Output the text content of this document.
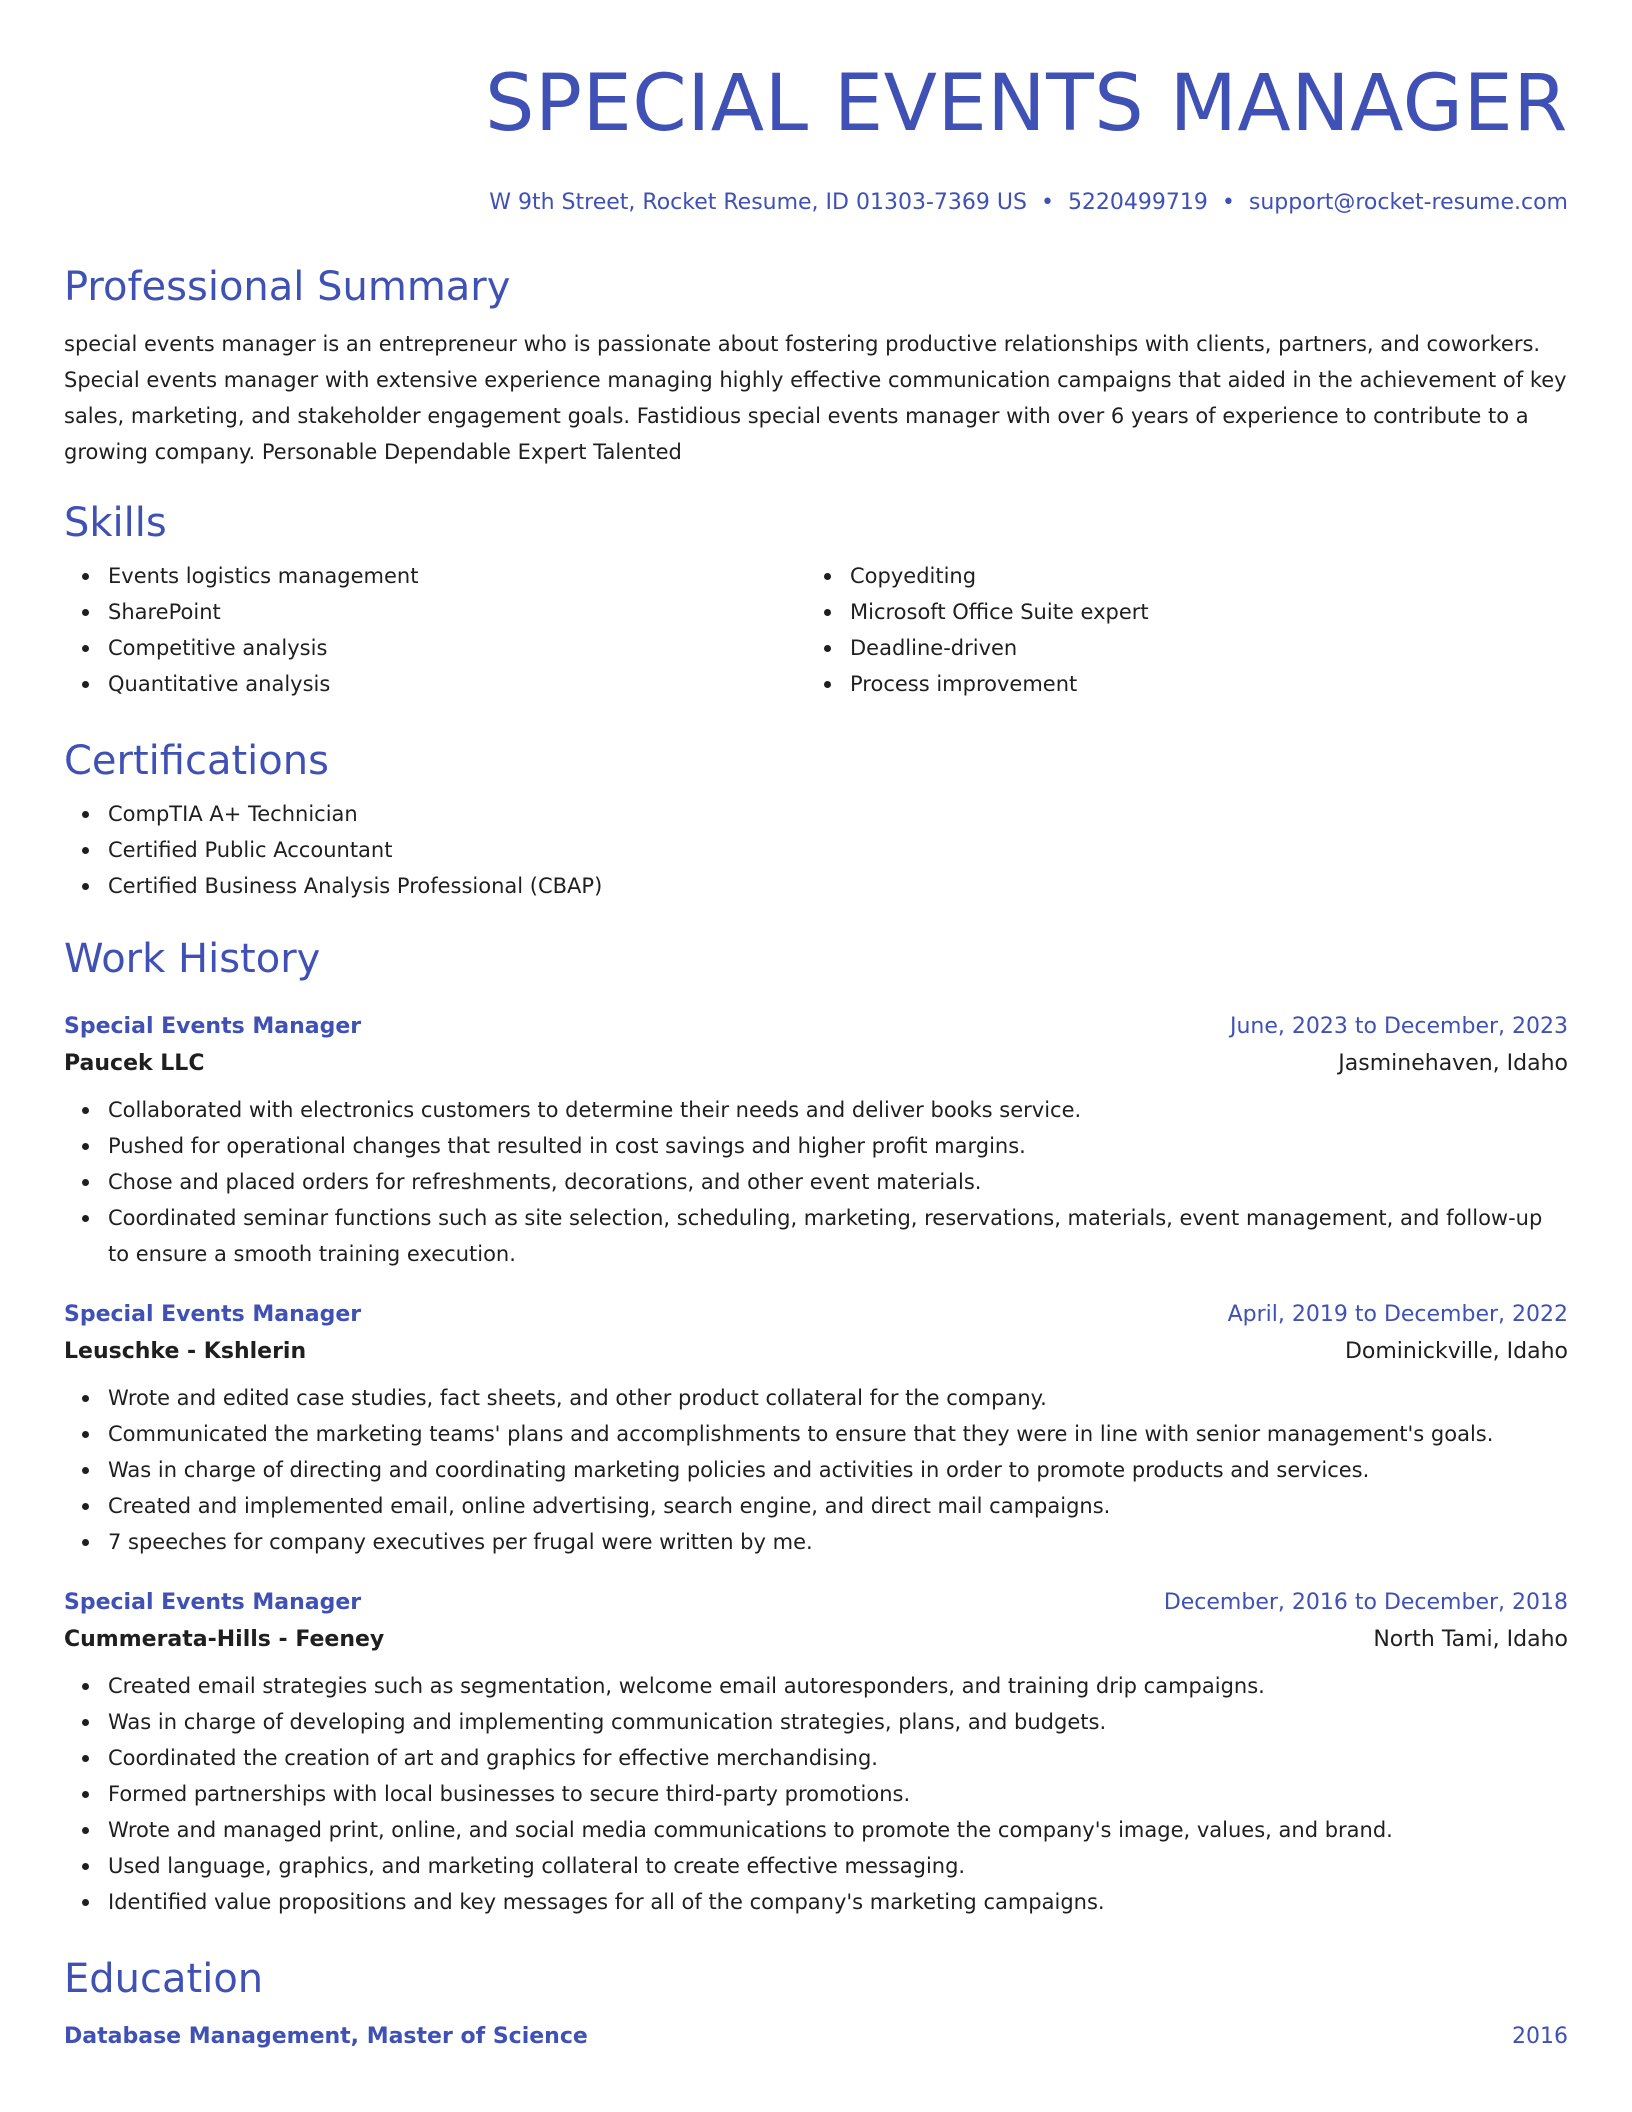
SPECIAL EVENTS MANAGER
W 9th Street, Rocket Resume, ID 01303-7369 US • 5220499719 • support@rocket-resume.com
Professional Summary

special events manager is an entrepreneur who is passionate about fostering productive relationships with clients, partners, and coworkers. Special events manager with extensive experience managing highly effective communication campaigns that aided in the achievement of key sales, marketing, and stakeholder engagement goals. Fastidious special events manager with over 6 years of experience to contribute to a growing company. Personable Dependable Expert Talented

Skills
Events logistics management
SharePoint
Competitive analysis
Quantitative analysis
Copyediting
Microsoft Office Suite expert
Deadline-driven
Process improvement
Certifications
CompTIA A+ Technician
Certified Public Accountant
Certified Business Analysis Professional (CBAP)
Work History
Special Events Manager	June, 2023 to December, 2023
Paucek LLC	Jasminehaven, Idaho
Collaborated with electronics customers to determine their needs and deliver books service.
Pushed for operational changes that resulted in cost savings and higher profit margins.
Chose and placed orders for refreshments, decorations, and other event materials.
Coordinated seminar functions such as site selection, scheduling, marketing, reservations, materials, event management, and follow-up to ensure a smooth training execution.
Special Events Manager	April, 2019 to December, 2022
Leuschke - Kshlerin	Dominickville, Idaho
Wrote and edited case studies, fact sheets, and other product collateral for the company.
Communicated the marketing teams' plans and accomplishments to ensure that they were in line with senior management's goals.
Was in charge of directing and coordinating marketing policies and activities in order to promote products and services.
Created and implemented email, online advertising, search engine, and direct mail campaigns.
7 speeches for company executives per frugal were written by me.
Special Events Manager	December, 2016 to December, 2018
Cummerata-Hills - Feeney	North Tami, Idaho
Created email strategies such as segmentation, welcome email autoresponders, and training drip campaigns.
Was in charge of developing and implementing communication strategies, plans, and budgets.
Coordinated the creation of art and graphics for effective merchandising.
Formed partnerships with local businesses to secure third-party promotions.
Wrote and managed print, online, and social media communications to promote the company's image, values, and brand.
Used language, graphics, and marketing collateral to create effective messaging.
Identified value propositions and key messages for all of the company's marketing campaigns.
Education
Database Management, Master of Science	2016
